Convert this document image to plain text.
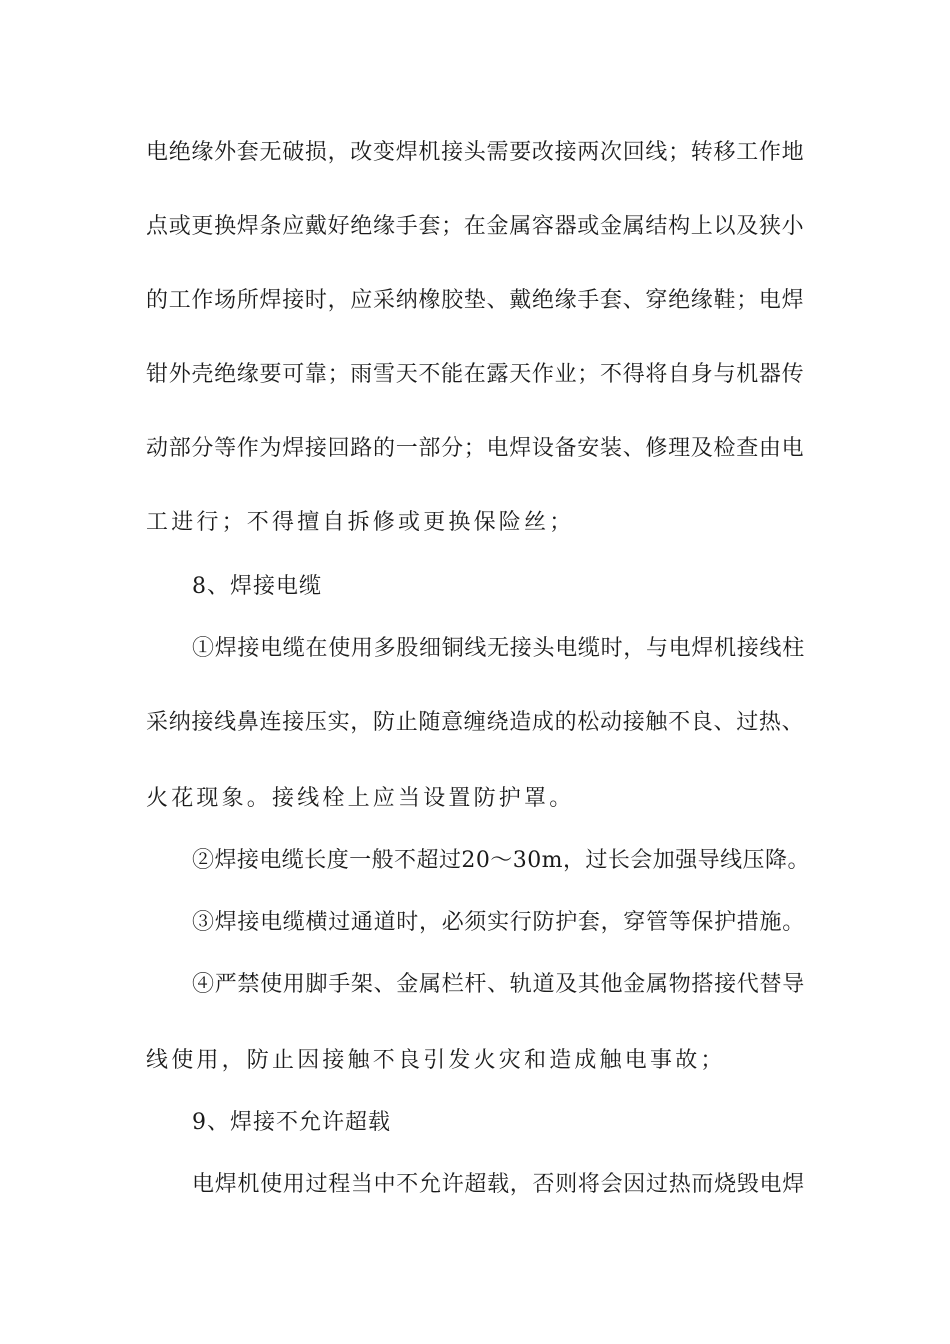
电绝缘外套无破损，改变焊机接头需要改接两次回线；转移工作地
点或更换焊条应戴好绝缘手套；在金属容器或金属结构上以及狭小
的工作场所焊接时，应采纳橡胶垫、戴绝缘手套、穿绝缘鞋；电焊
钳外壳绝缘要可靠；雨雪天不能在露天作业；不得将自身与机器传
动部分等作为焊接回路的一部分；电焊设备安装、修理及检查由电
工进行；不得擅自拆修或更换保险丝；
8、焊接电缆
①焊接电缆在使用多股细铜线无接头电缆时，与电焊机接线柱
采纳接线鼻连接压实，防止随意缠绕造成的松动接触不良、过热、
火花现象。接线栓上应当设置防护罩。
②焊接电缆长度一般不超过20～30m，过长会加强导线压降。
③焊接电缆横过通道时，必须实行防护套，穿管等保护措施。
④严禁使用脚手架、金属栏杆、轨道及其他金属物搭接代替导
线使用，防止因接触不良引发火灾和造成触电事故；
9、焊接不允许超载
电焊机使用过程当中不允许超载，否则将会因过热而烧毁电焊
